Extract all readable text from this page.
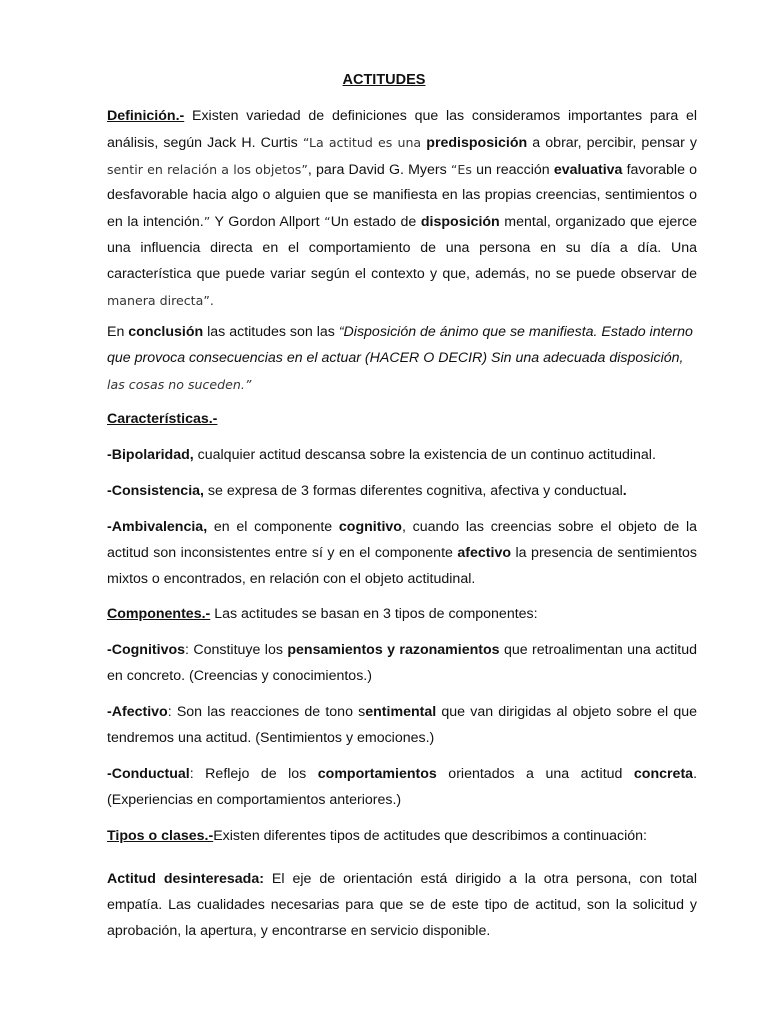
ACTITUDES

Definición.- Existen variedad de definiciones que las consideramos importantes para el análisis, según Jack H. Curtis “La actitud es una predisposición a obrar, percibir, pensar y sentir en relación a los objetos”, para David G. Myers “Es un reacción evaluativa favorable o desfavorable hacia algo o alguien que se manifiesta en las propias creencias, sentimientos o en la intención.” Y Gordon Allport “Un estado de disposición mental, organizado que ejerce una influencia directa en el comportamiento de una persona en su día a día. Una característica que puede variar según el contexto y que, además, no se puede observar de manera directa”.

En conclusión las actitudes son las “Disposición de ánimo que se manifiesta. Estado interno que provoca consecuencias en el actuar (HACER O DECIR) Sin una adecuada disposición, las cosas no suceden.”

Características.-

-Bipolaridad, cualquier actitud descansa sobre la existencia de un continuo actitudinal.

-Consistencia, se expresa de 3 formas diferentes cognitiva, afectiva y conductual.

-Ambivalencia, en el componente cognitivo, cuando las creencias sobre el objeto de la actitud son inconsistentes entre sí y en el componente afectivo la presencia de sentimientos mixtos o encontrados, en relación con el objeto actitudinal.

Componentes.- Las actitudes se basan en 3 tipos de componentes:

-Cognitivos: Constituye los pensamientos y razonamientos que retroalimentan una actitud en concreto. (Creencias y conocimientos.)

-Afectivo: Son las reacciones de tono sentimental que van dirigidas al objeto sobre el que tendremos una actitud. (Sentimientos y emociones.)

-Conductual: Reflejo de los comportamientos orientados a una actitud concreta. (Experiencias en comportamientos anteriores.)

Tipos o clases.-Existen diferentes tipos de actitudes que describimos a continuación:

Actitud desinteresada: El eje de orientación está dirigido a la otra persona, con total empatía. Las cualidades necesarias para que se de este tipo de actitud, son la solicitud y aprobación, la apertura, y encontrarse en servicio disponible.
